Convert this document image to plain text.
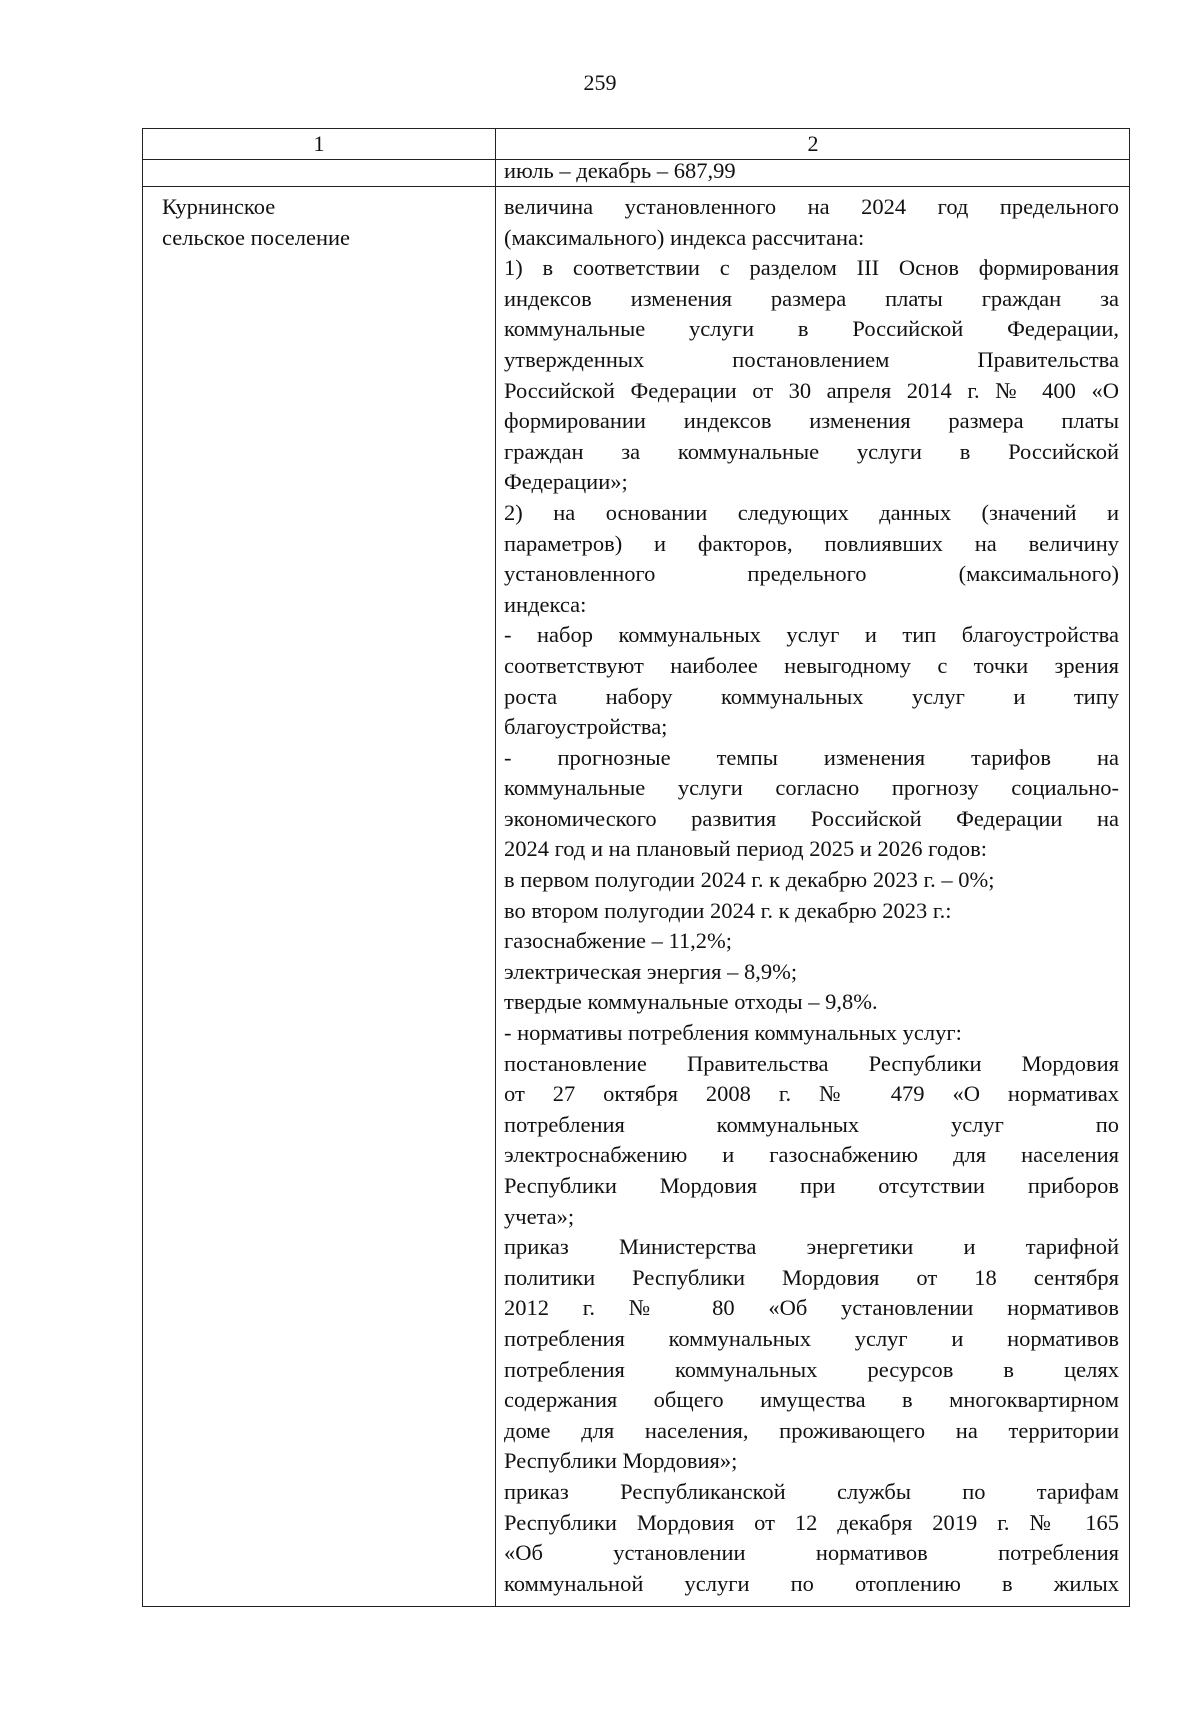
259
1	2
июль – декабрь – 687,99
Курнинское
сельское поселение
величина установленного на 2024 год предельного
(максимального) индекса рассчитана:
1) в соответствии с разделом III Основ формирования
индексов изменения размера платы граждан за
коммунальные услуги в Российской Федерации,
утвержденных постановлением Правительства
Российской Федерации от 30 апреля 2014 г. № 400 «О
формировании индексов изменения размера платы
граждан за коммунальные услуги в Российской
Федерации»;
2) на основании следующих данных (значений и
параметров) и факторов, повлиявших на величину
установленного предельного (максимального)
индекса:
- набор коммунальных услуг и тип благоустройства
соответствуют наиболее невыгодному с точки зрения
роста набору коммунальных услуг и типу
благоустройства;
- прогнозные темпы изменения тарифов на
коммунальные услуги согласно прогнозу социально-
экономического развития Российской Федерации на
2024 год и на плановый период 2025 и 2026 годов:
в первом полугодии 2024 г. к декабрю 2023 г. – 0%;
во втором полугодии 2024 г. к декабрю 2023 г.:
газоснабжение – 11,2%;
электрическая энергия – 8,9%;
твердые коммунальные отходы – 9,8%.
- нормативы потребления коммунальных услуг:
постановление Правительства Республики Мордовия
от 27 октября 2008 г. № 479 «О нормативах
потребления коммунальных услуг по
электроснабжению и газоснабжению для населения
Республики Мордовия при отсутствии приборов
учета»;
приказ Министерства энергетики и тарифной
политики Республики Мордовия от 18 сентября
2012 г. № 80 «Об установлении нормативов
потребления коммунальных услуг и нормативов
потребления коммунальных ресурсов в целях
содержания общего имущества в многоквартирном
доме для населения, проживающего на территории
Республики Мордовия»;
приказ Республиканской службы по тарифам
Республики Мордовия от 12 декабря 2019 г. № 165
«Об установлении нормативов потребления
коммунальной услуги по отоплению в жилых
